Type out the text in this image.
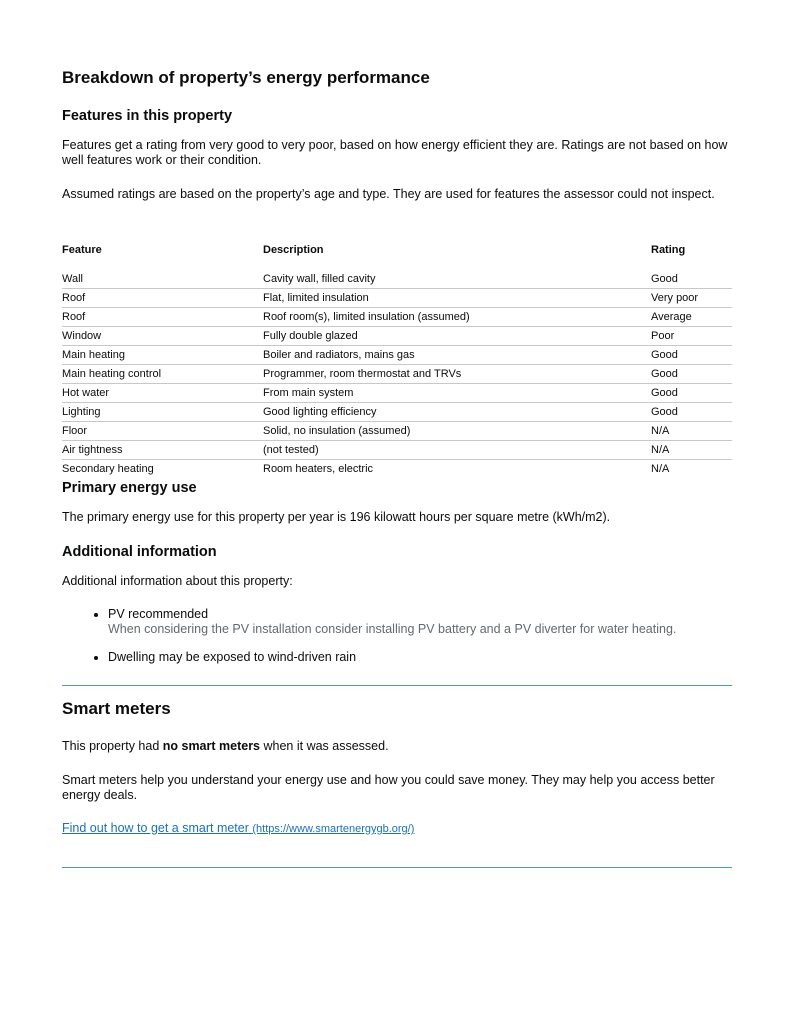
Breakdown of property’s energy performance
Features in this property

Features get a rating from very good to very poor, based on how energy efficient they are. Ratings are not based on how well features work or their condition.

Assumed ratings are based on the property’s age and type. They are used for features the assessor could not inspect.

Feature	Description	Rating
Wall	Cavity wall, filled cavity	Good
Roof	Flat, limited insulation	Very poor
Roof	Roof room(s), limited insulation (assumed)	Average
Window	Fully double glazed	Poor
Main heating	Boiler and radiators, mains gas	Good
Main heating control	Programmer, room thermostat and TRVs	Good
Hot water	From main system	Good
Lighting	Good lighting efficiency	Good
Floor	Solid, no insulation (assumed)	N/A
Air tightness	(not tested)	N/A
Secondary heating	Room heaters, electric	N/A
Primary energy use

The primary energy use for this property per year is 196 kilowatt hours per square metre (kWh/m2).

Additional information

Additional information about this property:

• PV recommended
When considering the PV installation consider installing PV battery and a PV diverter for water heating.
• Dwelling may be exposed to wind-driven rain
Smart meters

This property had no smart meters when it was assessed.

Smart meters help you understand your energy use and how you could save money. They may help you access better energy deals.

Find out how to get a smart meter (https://www.smartenergygb.org/)
